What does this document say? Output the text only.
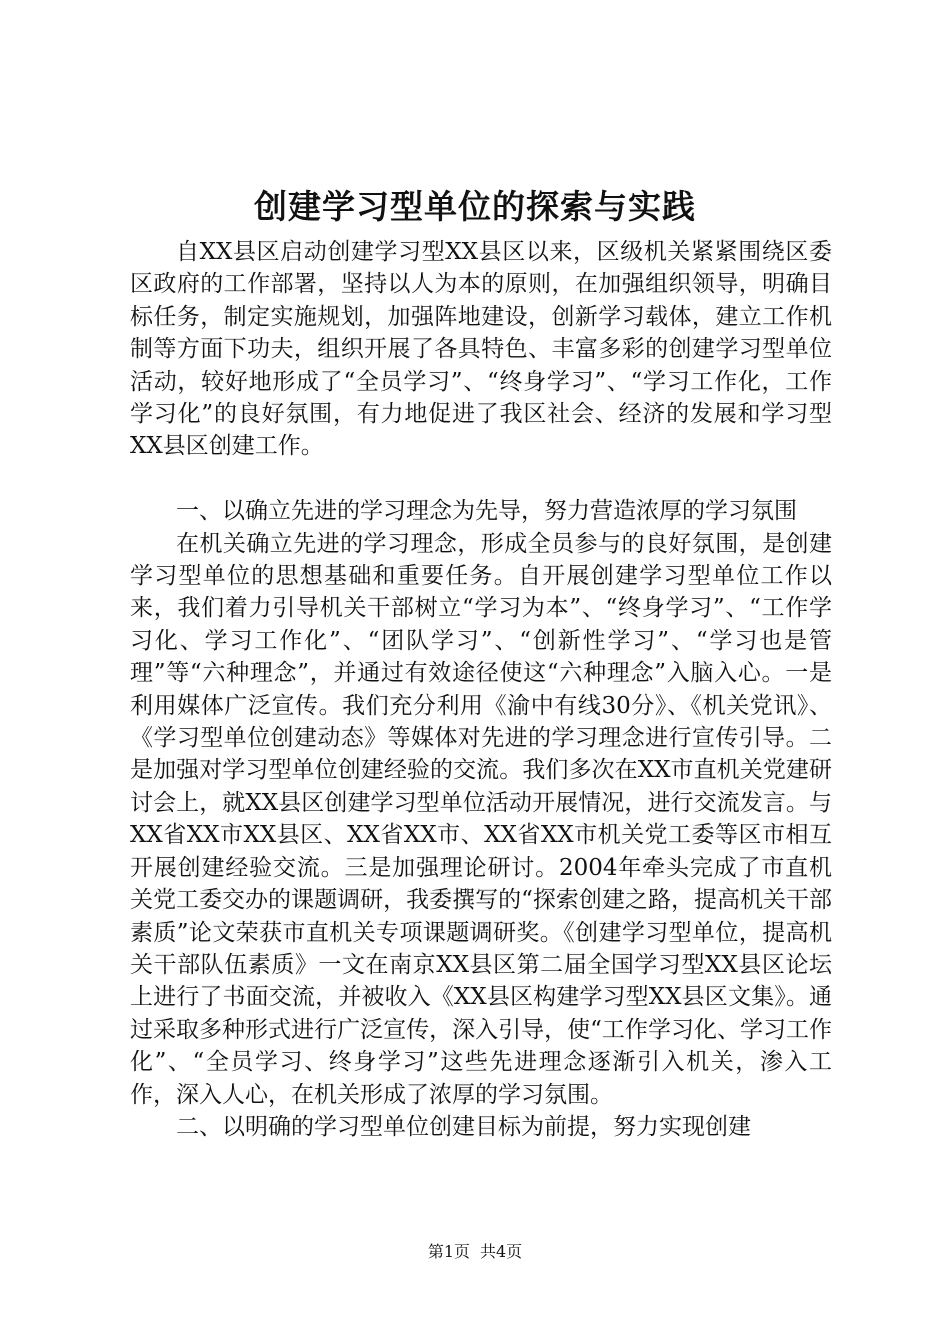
创建学习型单位的探索与实践

自XX县区启动创建学习型XX县区以来，区级机关紧紧围绕区委区政府的工作部署，坚持以人为本的原则，在加强组织领导，明确目标任务，制定实施规划，加强阵地建设，创新学习载体，建立工作机制等方面下功夫，组织开展了各具特色、丰富多彩的创建学习型单位活动，较好地形成了“全员学习”、“终身学习”、“学习工作化，工作学习化”的良好氛围，有力地促进了我区社会、经济的发展和学习型XX县区创建工作。

一、以确立先进的学习理念为先导，努力营造浓厚的学习氛围

在机关确立先进的学习理念，形成全员参与的良好氛围，是创建学习型单位的思想基础和重要任务。自开展创建学习型单位工作以来，我们着力引导机关干部树立“学习为本”、“终身学习”、“工作学习化、学习工作化”、“团队学习”、“创新性学习”、“学习也是管理”等“六种理念”，并通过有效途径使这“六种理念”入脑入心。一是利用媒体广泛宣传。我们充分利用《渝中有线30分》、《机关党讯》、《学习型单位创建动态》等媒体对先进的学习理念进行宣传引导。二是加强对学习型单位创建经验的交流。我们多次在XX市直机关党建研讨会上，就XX县区创建学习型单位活动开展情况，进行交流发言。与XX省XX市XX县区、XX省XX市、XX省XX市机关党工委等区市相互开展创建经验交流。三是加强理论研讨。2004年牵头完成了市直机关党工委交办的课题调研，我委撰写的“探索创建之路，提高机关干部素质”论文荣获市直机关专项课题调研奖。《创建学习型单位，提高机关干部队伍素质》一文在南京XX县区第二届全国学习型XX县区论坛上进行了书面交流，并被收入《XX县区构建学习型XX县区文集》。通过采取多种形式进行广泛宣传，深入引导，使“工作学习化、学习工作化”、“全员学习、终身学习”这些先进理念逐渐引入机关，渗入工作，深入人心，在机关形成了浓厚的学习氛围。

二、以明确的学习型单位创建目标为前提，努力实现创建

第1页 共4页
